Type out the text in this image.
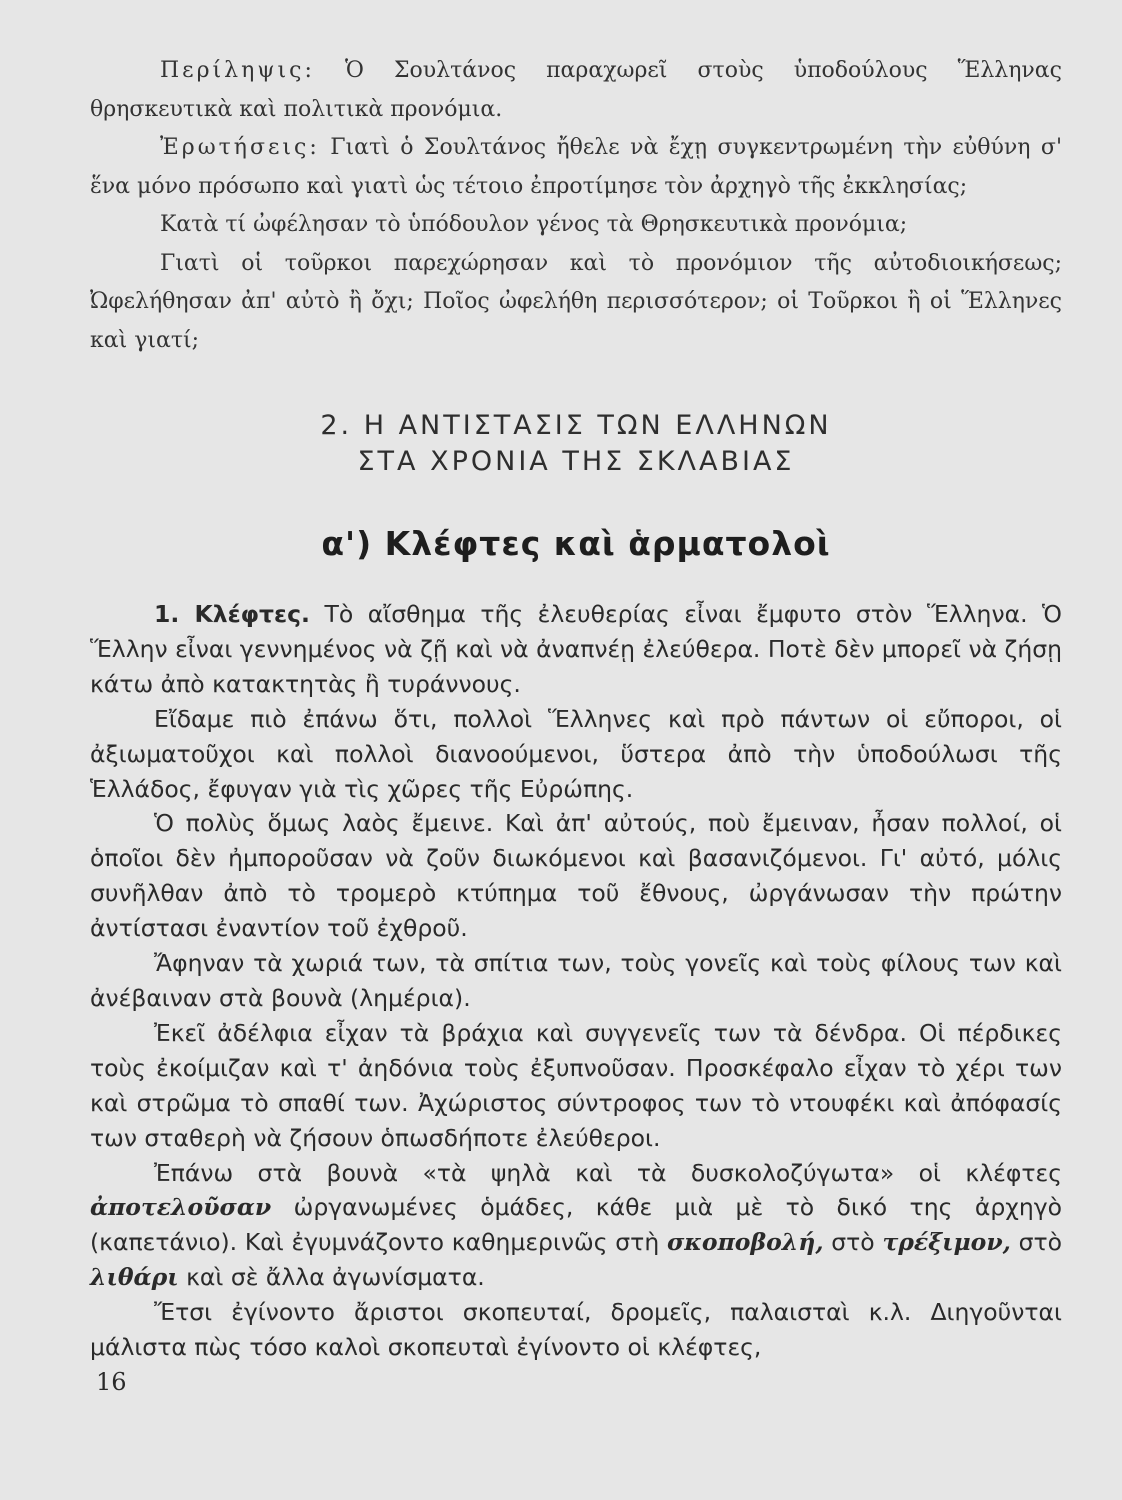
Περίληψις: Ὁ Σουλτάνος παραχωρεῖ στοὺς ὑποδούλους Ἕλληνας θρησκευτικὰ καὶ πολιτικὰ προνόμια.

Ἐρωτήσεις: Γιατὶ ὁ Σουλτάνος ἤθελε νὰ ἔχῃ συγκεντρωμένη τὴν εὐθύνη σ' ἕνα μόνο πρόσωπο καὶ γιατὶ ὡς τέτοιο ἐπροτίμησε τὸν ἀρχηγὸ τῆς ἐκκλησίας;

Κατὰ τί ὠφέλησαν τὸ ὑπόδουλον γένος τὰ Θρησκευτικὰ προνόμια;

Γιατὶ οἱ τοῦρκοι παρεχώρησαν καὶ τὸ προνόμιον τῆς αὐτοδιοικήσεως; Ὠφελήθησαν ἀπ' αὐτὸ ἢ ὄχι; Ποῖος ὠφελήθη περισσότερον; οἱ Τοῦρκοι ἢ οἱ Ἕλληνες καὶ γιατί;

2. Η ΑΝΤΙΣΤΑΣΙΣ ΤΩΝ ΕΛΛΗΝΩΝ
ΣΤΑ ΧΡΟΝΙΑ ΤΗΣ ΣΚΛΑΒΙΑΣ
α') Κλέφτες καὶ ἁρματολοὶ

1. Κλέφτες. Τὸ αἴσθημα τῆς ἐλευθερίας εἶναι ἔμφυτο στὸν Ἕλληνα. Ὁ Ἕλλην εἶναι γεννημένος νὰ ζῇ καὶ νὰ ἀναπνέῃ ἐλεύθερα. Ποτὲ δὲν μπορεῖ νὰ ζήσῃ κάτω ἀπὸ κατακτητὰς ἢ τυράννους.

Εἴδαμε πιὸ ἐπάνω ὅτι, πολλοὶ Ἕλληνες καὶ πρὸ πάντων οἱ εὔποροι, οἱ ἀξιωματοῦχοι καὶ πολλοὶ διανοούμενοι, ὕστερα ἀπὸ τὴν ὑποδούλωσι τῆς Ἑλλάδος, ἔφυγαν γιὰ τὶς χῶρες τῆς Εὐρώπης.

Ὁ πολὺς ὅμως λαὸς ἔμεινε. Καὶ ἀπ' αὐτούς, ποὺ ἔμειναν, ἦσαν πολλοί, οἱ ὁποῖοι δὲν ἠμποροῦσαν νὰ ζοῦν διωκόμενοι καὶ βασανιζόμενοι. Γι' αὐτό, μόλις συνῆλθαν ἀπὸ τὸ τρομερὸ κτύπημα τοῦ ἔθνους, ὠργάνωσαν τὴν πρώτην ἀντίστασι ἐναντίον τοῦ ἐχθροῦ.

Ἄφηναν τὰ χωριά των, τὰ σπίτια των, τοὺς γονεῖς καὶ τοὺς φίλους των καὶ ἀνέβαιναν στὰ βουνὰ (λημέρια).

Ἐκεῖ ἀδέλφια εἶχαν τὰ βράχια καὶ συγγενεῖς των τὰ δένδρα. Οἱ πέρδικες τοὺς ἐκοίμιζαν καὶ τ' ἀηδόνια τοὺς ἐξυπνοῦσαν. Προσκέφαλο εἶχαν τὸ χέρι των καὶ στρῶμα τὸ σπαθί των. Ἀχώριστος σύντροφος των τὸ ντουφέκι καὶ ἀπόφασίς των σταθερὴ νὰ ζήσουν ὁπωσδήποτε ἐλεύθεροι.

Ἐπάνω στὰ βουνὰ «τὰ ψηλὰ καὶ τὰ δυσκολοζύγωτα» οἱ κλέφτες ἀποτελοῦσαν ὠργανωμένες ὁμάδες, κάθε μιὰ μὲ τὸ δικό της ἀρχηγὸ (καπετάνιο). Καὶ ἐγυμνάζοντο καθημερινῶς στὴ σκοποβολή, στὸ τρέξιμον, στὸ λιθάρι καὶ σὲ ἄλλα ἀγωνίσματα.

Ἔτσι ἐγίνοντο ἄριστοι σκοπευταί, δρομεῖς, παλαισταὶ κ.λ. Διηγοῦνται μάλιστα πὼς τόσο καλοὶ σκοπευταὶ ἐγίνοντο οἱ κλέφτες,

16
